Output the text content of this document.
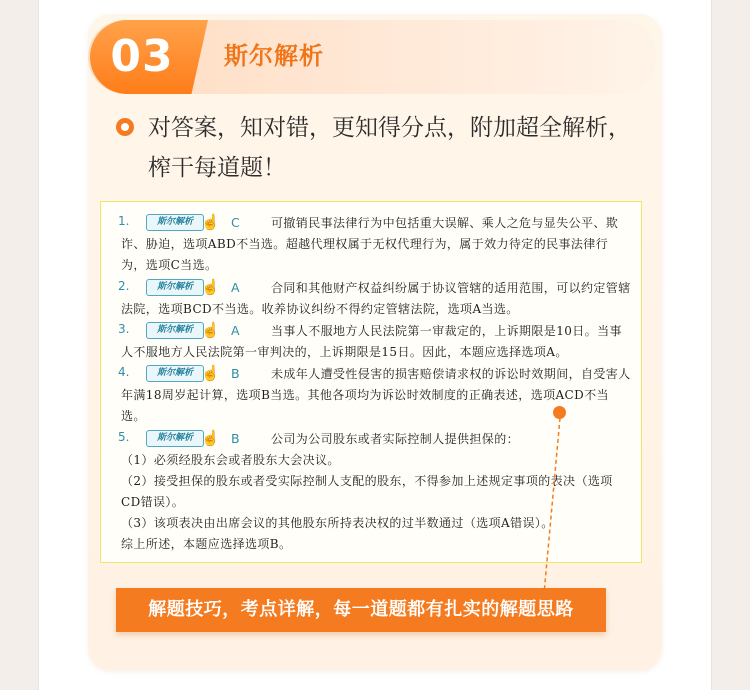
03	斯尔解析
对答案，知对错，更知得分点，附加超全解析，榨干每道题！
1.	斯尔解析 ☝ C	可撤销民事法律行为中包括重大误解、乘人之危与显失公平、欺诈、胁迫，选项ABD不当选。超越代理权属于无权代理行为，属于效力待定的民事法律行为，选项C当选。
2.	斯尔解析 ☝ A	合同和其他财产权益纠纷属于协议管辖的适用范围，可以约定管辖法院，选项BCD不当选。收养协议纠纷不得约定管辖法院，选项A当选。
3.	斯尔解析 ☝ A	当事人不服地方人民法院第一审裁定的，上诉期限是10日。当事人不服地方人民法院第一审判决的，上诉期限是15日。因此，本题应选择选项A。
4.	斯尔解析 ☝ B	未成年人遭受性侵害的损害赔偿请求权的诉讼时效期间，自受害人年满18周岁起计算，选项B当选。其他各项均为诉讼时效制度的正确表述，选项ACD不当选。
5.	斯尔解析 ☝ B	公司为公司股东或者实际控制人提供担保的：
（1）必须经股东会或者股东大会决议。
（2）接受担保的股东或者受实际控制人支配的股东，不得参加上述规定事项的表决（选项CD错误）。
（3）该项表决由出席会议的其他股东所持表决权的过半数通过（选项A错误）。
综上所述，本题应选择选项B。
解题技巧，考点详解，每一道题都有扎实的解题思路
